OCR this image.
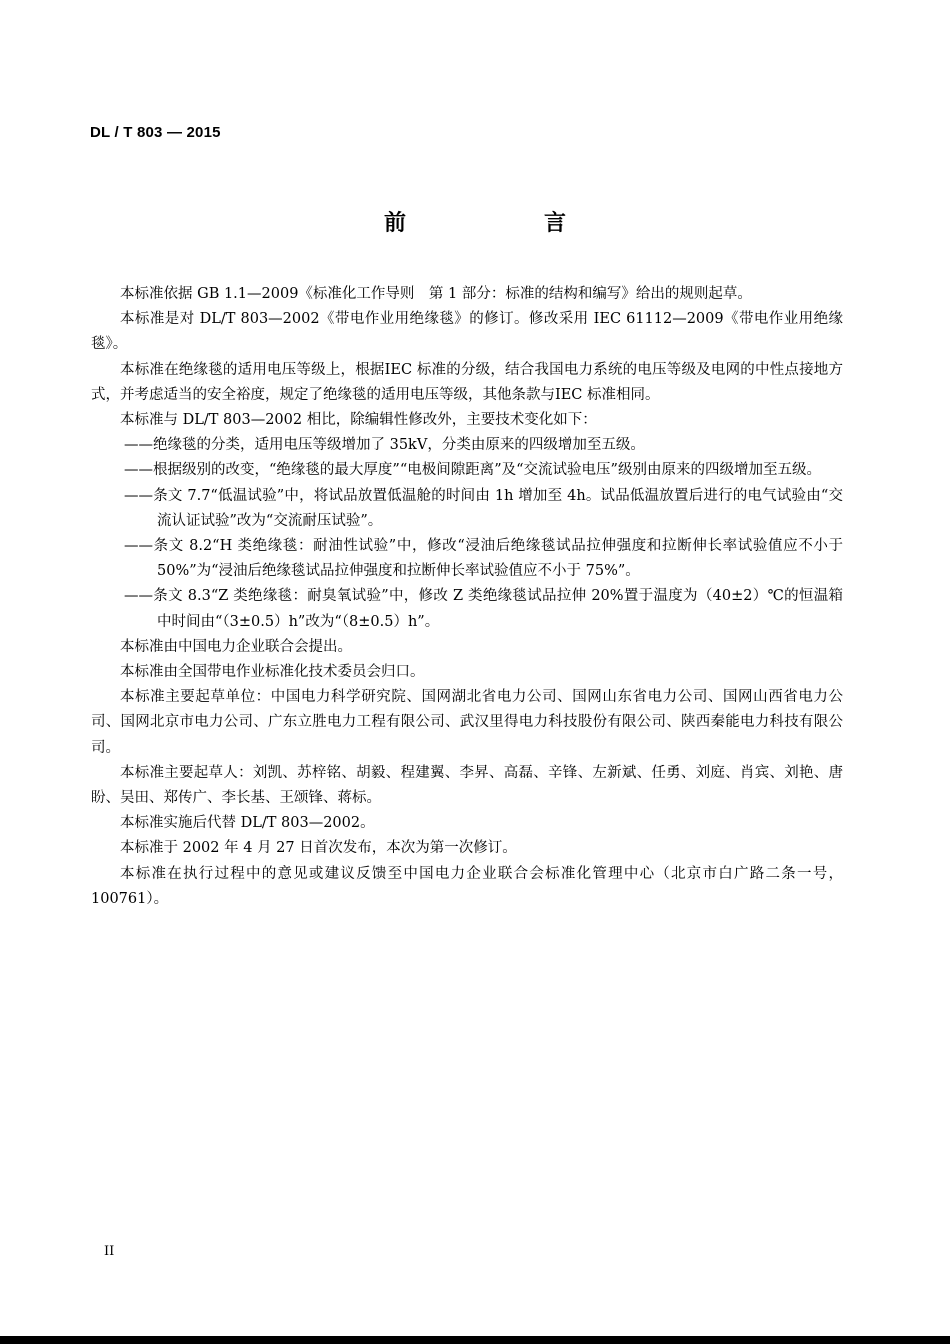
DL / T 803 — 2015
前　言

本标准依据 GB 1.1—2009《标准化工作导则　第 1 部分：标准的结构和编写》给出的规则起草。

本标准是对 DL/T 803—2002《带电作业用绝缘毯》的修订。修改采用 IEC 61112—2009《带电作业用绝缘毯》。

本标准在绝缘毯的适用电压等级上，根据IEC 标准的分级，结合我国电力系统的电压等级及电网的中性点接地方式，并考虑适当的安全裕度，规定了绝缘毯的适用电压等级，其他条款与IEC 标准相同。

本标准与 DL/T 803—2002 相比，除编辑性修改外，主要技术变化如下：

——绝缘毯的分类，适用电压等级增加了 35kV，分类由原来的四级增加至五级。

——根据级别的改变，“绝缘毯的最大厚度”“电极间隙距离”及“交流试验电压”级别由原来的四级增加至五级。

——条文 7.7“低温试验”中，将试品放置低温舱的时间由 1h 增加至 4h。试品低温放置后进行的电气试验由“交流认证试验”改为“交流耐压试验”。

——条文 8.2“H 类绝缘毯：耐油性试验”中，修改“浸油后绝缘毯试品拉伸强度和拉断伸长率试验值应不小于 50%”为“浸油后绝缘毯试品拉伸强度和拉断伸长率试验值应不小于 75%”。

——条文 8.3“Z 类绝缘毯：耐臭氧试验”中，修改 Z 类绝缘毯试品拉伸 20%置于温度为（40±2）℃的恒温箱中时间由“（3±0.5）h”改为“（8±0.5）h”。

本标准由中国电力企业联合会提出。

本标准由全国带电作业标准化技术委员会归口。

本标准主要起草单位：中国电力科学研究院、国网湖北省电力公司、国网山东省电力公司、国网山西省电力公司、国网北京市电力公司、广东立胜电力工程有限公司、武汉里得电力科技股份有限公司、陕西秦能电力科技有限公司。

本标准主要起草人：刘凯、苏梓铭、胡毅、程建翼、李昇、高磊、辛锋、左新斌、任勇、刘庭、肖宾、刘艳、唐盼、吴田、郑传广、李长基、王颂锋、蒋标。

本标准实施后代替 DL/T 803—2002。

本标准于 2002 年 4 月 27 日首次发布，本次为第一次修订。

本标准在执行过程中的意见或建议反馈至中国电力企业联合会标准化管理中心（北京市白广路二条一号，100761）。

II
